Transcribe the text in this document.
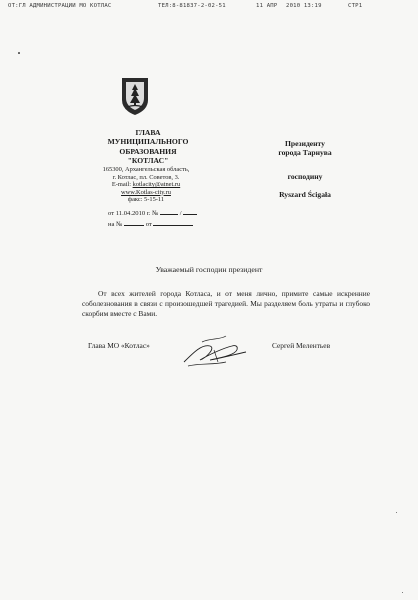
ОТ:ГЛ АДМИНИСТРАЦИИ МО КОТЛАС	ТЕЛ:8-81837-2-02-51	11 АПР 2010 13:19	СТР1
ГЛАВА
МУНИЦИПАЛЬНОГО
ОБРАЗОВАНИЯ
"КОТЛАС"
165300, Архангельская область,
г. Котлас, пл. Советов, 3.
E-mail: kotlacity@atnet.ru
www.Kotlas-city.ru
факс: 5-15-11
от 11.04.2010 г. №	/
на №	от
Президенту
города Тарнува
господину
Ryszard Ścigała
Уважаемый господин президент

От всех жителей города Котласа, и от меня лично, примите самые искренние соболезнования в связи с произошедшей трагедией. Мы разделяем боль утраты и глубоко скорбим вместе с Вами.

Глава МО «Котлас»	Сергей Мелентьев
